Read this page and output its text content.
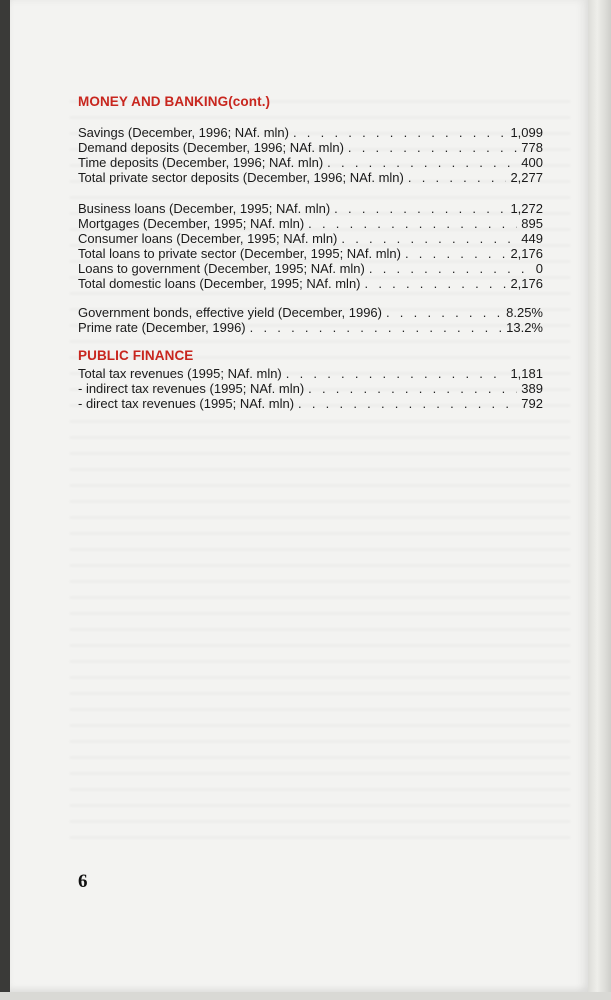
MONEY AND BANKING(cont.)
Savings (December, 1996; NAf. mln) . . .	1,099
Demand deposits (December, 1996; NAf. mln) . . .	778
Time deposits (December, 1996; NAf. mln) . . .	400
Total private sector deposits (December, 1996; NAf. mln) . . .	2,277
Business loans (December, 1995; NAf. mln) . . .	1,272
Mortgages (December, 1995; NAf. mln) . . .	895
Consumer loans (December, 1995; NAf. mln) . . .	449
Total loans to private sector (December, 1995; NAf. mln) . . .	2,176
Loans to government (December, 1995; NAf. mln) . . .	0
Total domestic loans (December, 1995; NAf. mln) . . .	2,176
Government bonds, effective yield (December, 1996) . . .	8.25%
Prime rate (December, 1996) . . .	13.2%
PUBLIC FINANCE
Total tax revenues (1995; NAf. mln) . . .	1,181
- indirect tax revenues (1995; NAf. mln) . . .	389
- direct tax revenues (1995; NAf. mln) . . .	792
6
